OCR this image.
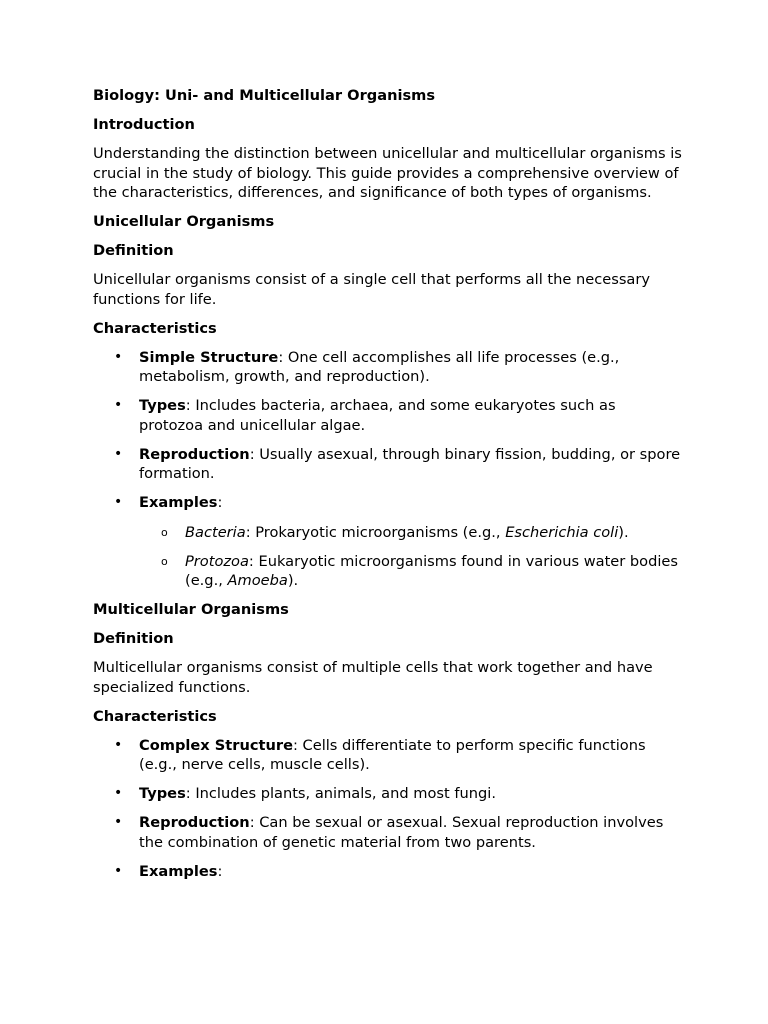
Biology: Uni- and Multicellular Organisms
Introduction
Understanding the distinction between unicellular and multicellular organisms is crucial in the study of biology. This guide provides a comprehensive overview of the characteristics, differences, and significance of both types of organisms.
Unicellular Organisms
Definition
Unicellular organisms consist of a single cell that performs all the necessary functions for life.
Characteristics
• Simple Structure: One cell accomplishes all life processes (e.g., metabolism, growth, and reproduction).
• Types: Includes bacteria, archaea, and some eukaryotes such as protozoa and unicellular algae.
• Reproduction: Usually asexual, through binary fission, budding, or spore formation.
• Examples:
o Bacteria: Prokaryotic microorganisms (e.g., Escherichia coli).
o Protozoa: Eukaryotic microorganisms found in various water bodies (e.g., Amoeba).
Multicellular Organisms
Definition
Multicellular organisms consist of multiple cells that work together and have specialized functions.
Characteristics
• Complex Structure: Cells differentiate to perform specific functions (e.g., nerve cells, muscle cells).
• Types: Includes plants, animals, and most fungi.
• Reproduction: Can be sexual or asexual. Sexual reproduction involves the combination of genetic material from two parents.
• Examples:
